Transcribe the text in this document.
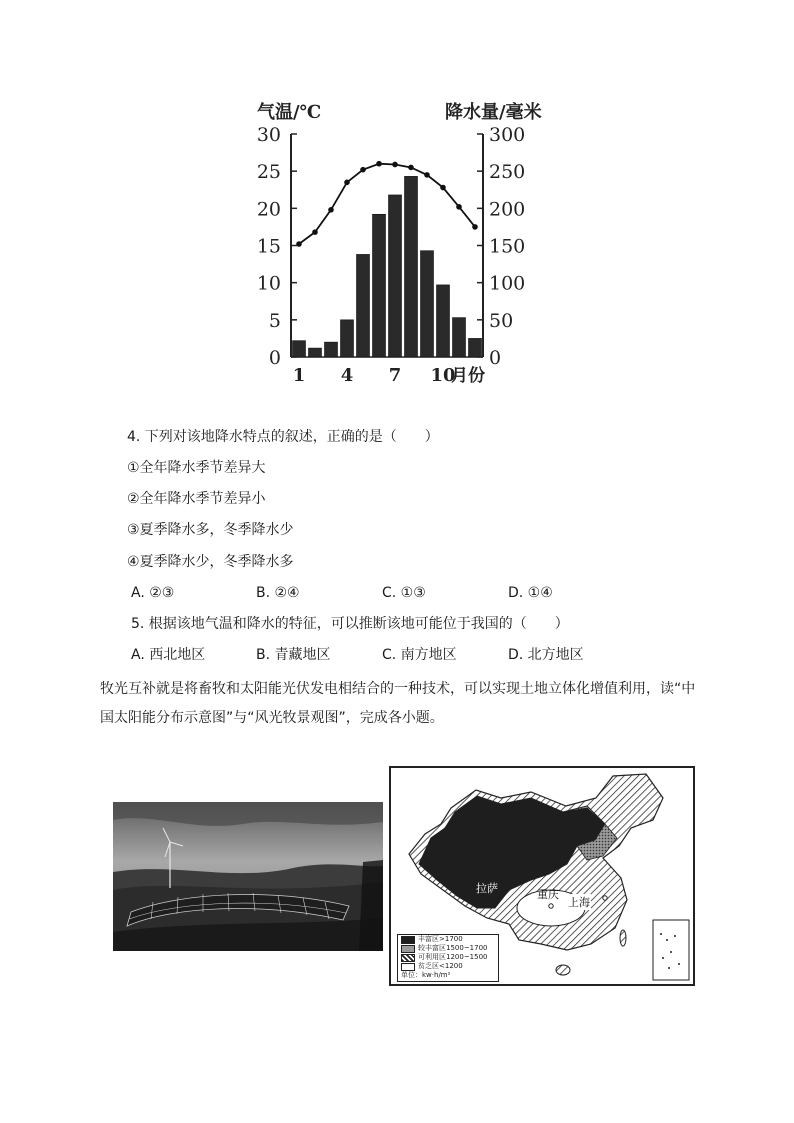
气温/℃	降水量/毫米
月份
0
5
10
15
20
25
30
0
50
100
150
200
250
300
1 4 7 10
4. 下列对该地降水特点的叙述，正确的是（　　）
①全年降水季节差异大
②全年降水季节差异小
③夏季降水多，冬季降水少
④夏季降水少，冬季降水多
A. ②③	B. ②④	C. ①③	D. ①④
5. 根据该地气温和降水的特征，可以推断该地可能位于我国的（　　）
A. 西北地区	B. 青藏地区	C. 南方地区	D. 北方地区
牧光互补就是将畜牧和太阳能光伏发电相结合的一种技术，可以实现土地立体化增值利用，读“中国太阳能分布示意图”与“风光牧景观图”，完成各小题。
拉萨	重庆
上海
丰富区>1700
较丰富区1500~1700
可利用区1200~1500
贫乏区<1200
单位：kw·h/m²
